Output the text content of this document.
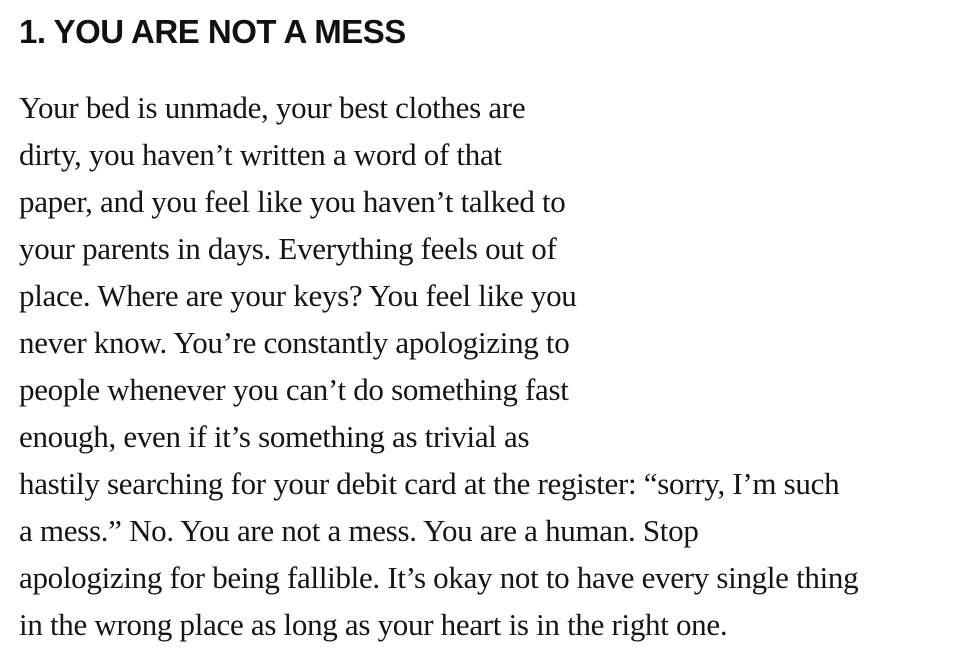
1. YOU ARE NOT A MESS

Your bed is unmade, your best clothes are
dirty, you haven’t written a word of that
paper, and you feel like you haven’t talked to
your parents in days. Everything feels out of
place. Where are your keys? You feel like you
never know. You’re constantly apologizing to
people whenever you can’t do something fast
enough, even if it’s something as trivial as
hastily searching for your debit card at the register: “sorry, I’m such
a mess.” No. You are not a mess. You are a human. Stop
apologizing for being fallible. It’s okay not to have every single thing
in the wrong place as long as your heart is in the right one.
